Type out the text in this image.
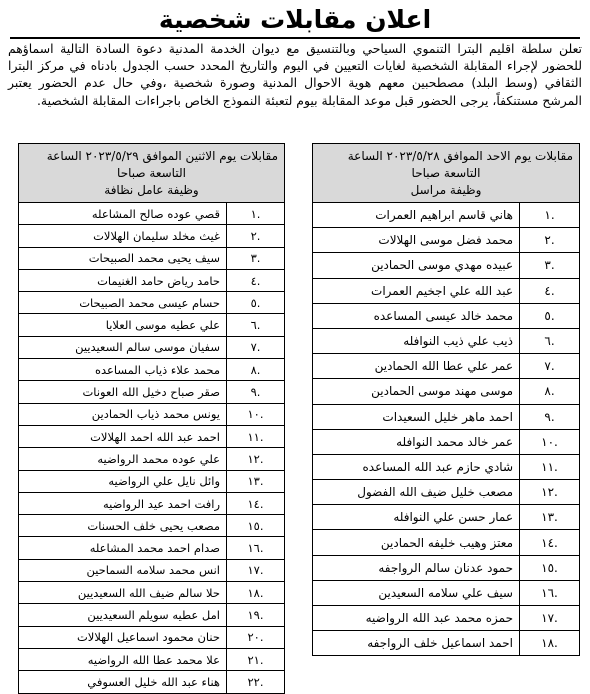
اعلان مقابلات شخصية
تعلن سلطة اقليم البترا التنموي السياحي وبالتنسيق مع ديوان الخدمة المدنية دعوة السادة التالية اسماؤهم للحضور لإجراء المقابلة الشخصية لغايات التعيين في اليوم والتاريخ المحدد حسب الجدول بادناه في مركز البترا الثقافي (وسط البلد) مصطحبين معهم هوية الاحوال المدنية وصورة شخصية ،وفي حال عدم الحضور يعتبر المرشح مستنكفاً، يرجى الحضور قبل موعد المقابلة بيوم لتعبئة النموذج الخاص باجراءات المقابلة الشخصية.
مقابلات يوم الاحد الموافق ٢٠٢٣/٥/٢٨ الساعة

التاسعة صباحا
وظيفة مراسل	

.١	هاني قاسم ابراهيم العمرات
.٢	محمد فضل موسى الهلالات
.٣	عبيده مهدي موسى الحمادين
.٤	عبد الله علي اجخيم العمرات
.٥	محمد خالد عيسى المساعده
.٦	ذيب علي ذيب النوافله
.٧	عمر علي عطا الله الحمادين
.٨	موسى مهند موسى الحمادين
.٩	احمد ماهر خليل السعيدات
.١٠	عمر خالد محمد النوافله
.١١	شادي حازم عبد الله المساعده
.١٢	مصعب خليل ضيف الله الفضول
.١٣	عمار حسن علي النوافله
.١٤	معتز وهيب خليفه الحمادين
.١٥	حمود عدنان سالم الرواجفه
.١٦	سيف علي سلامه السعيدين
.١٧	حمزه محمد عبد الله الرواضيه
.١٨	احمد اسماعيل خلف الرواجفه
مقابلات يوم الاثنين الموافق ٢٠٢٣/٥/٢٩ الساعة

التاسعة صباحا
وظيفة عامل نظافة	

.١	قصي عوده صالح المشاعله
.٢	غيث مخلد سليمان الهلالات
.٣	سيف يحيى محمد الصبيحات
.٤	حامد رياض حامد الغنيمات
.٥	حسام عيسى محمد الصبيحات
.٦	علي عطيه موسى العلايا
.٧	سفيان موسى سالم السعيديين
.٨	محمد علاء ذياب المساعده
.٩	صقر صباح دخيل الله العونات
.١٠	يونس محمد ذياب الحمادين
.١١	احمد عبد الله احمد الهلالات
.١٢	علي عوده محمد الرواضيه
.١٣	وائل نايل علي الرواضيه
.١٤	رافت احمد عيد الرواضيه
.١٥	مصعب يحيى خلف الحسنات
.١٦	صدام احمد محمد المشاعله
.١٧	انس محمد سلامه السماحين
.١٨	حلا سالم ضيف الله السعيديين
.١٩	امل عطيه سويلم السعيديين
.٢٠	حنان محمود اسماعيل الهلالات
.٢١	علا محمد عطا الله الرواضيه
.٢٢	هناء عبد الله خليل العسوفي
